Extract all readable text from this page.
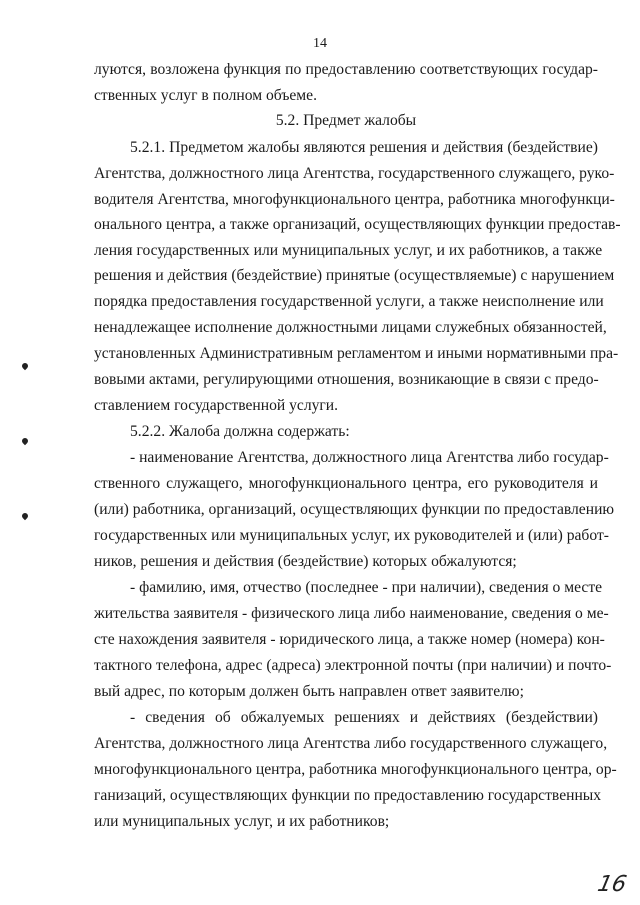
14
луются, возложена функция по предоставлению соответствующих государ-
ственных услуг в полном объеме.
5.2. Предмет жалобы
5.2.1. Предметом жалобы являются решения и действия (бездействие)
Агентства, должностного лица Агентства, государственного служащего, руко-
водителя Агентства, многофункционального центра, работника многофункци-
онального центра, а также организаций, осуществляющих функции предостав-
ления государственных или муниципальных услуг, и их работников, а также
решения и действия (бездействие) принятые (осуществляемые) с нарушением
порядка предоставления государственной услуги, а также неисполнение или
ненадлежащее исполнение должностными лицами служебных обязанностей,
установленных Административным регламентом и иными нормативными пра-
вовыми актами, регулирующими отношения, возникающие в связи с предо-
ставлением государственной услуги.
5.2.2. Жалоба должна содержать:
- наименование Агентства, должностного лица Агентства либо государ-
ственного служащего, многофункционального центра, его руководителя и
(или) работника, организаций, осуществляющих функции по предоставлению
государственных или муниципальных услуг, их руководителей и (или) работ-
ников, решения и действия (бездействие) которых обжалуются;
- фамилию, имя, отчество (последнее - при наличии), сведения о месте
жительства заявителя - физического лица либо наименование, сведения о ме-
сте нахождения заявителя - юридического лица, а также номер (номера) кон-
тактного телефона, адрес (адреса) электронной почты (при наличии) и почто-
вый адрес, по которым должен быть направлен ответ заявителю;
- сведения об обжалуемых решениях и действиях (бездействии)
Агентства, должностного лица Агентства либо государственного служащего,
многофункционального центра, работника многофункционального центра, ор-
ганизаций, осуществляющих функции по предоставлению государственных
или муниципальных услуг, и их работников;
16
